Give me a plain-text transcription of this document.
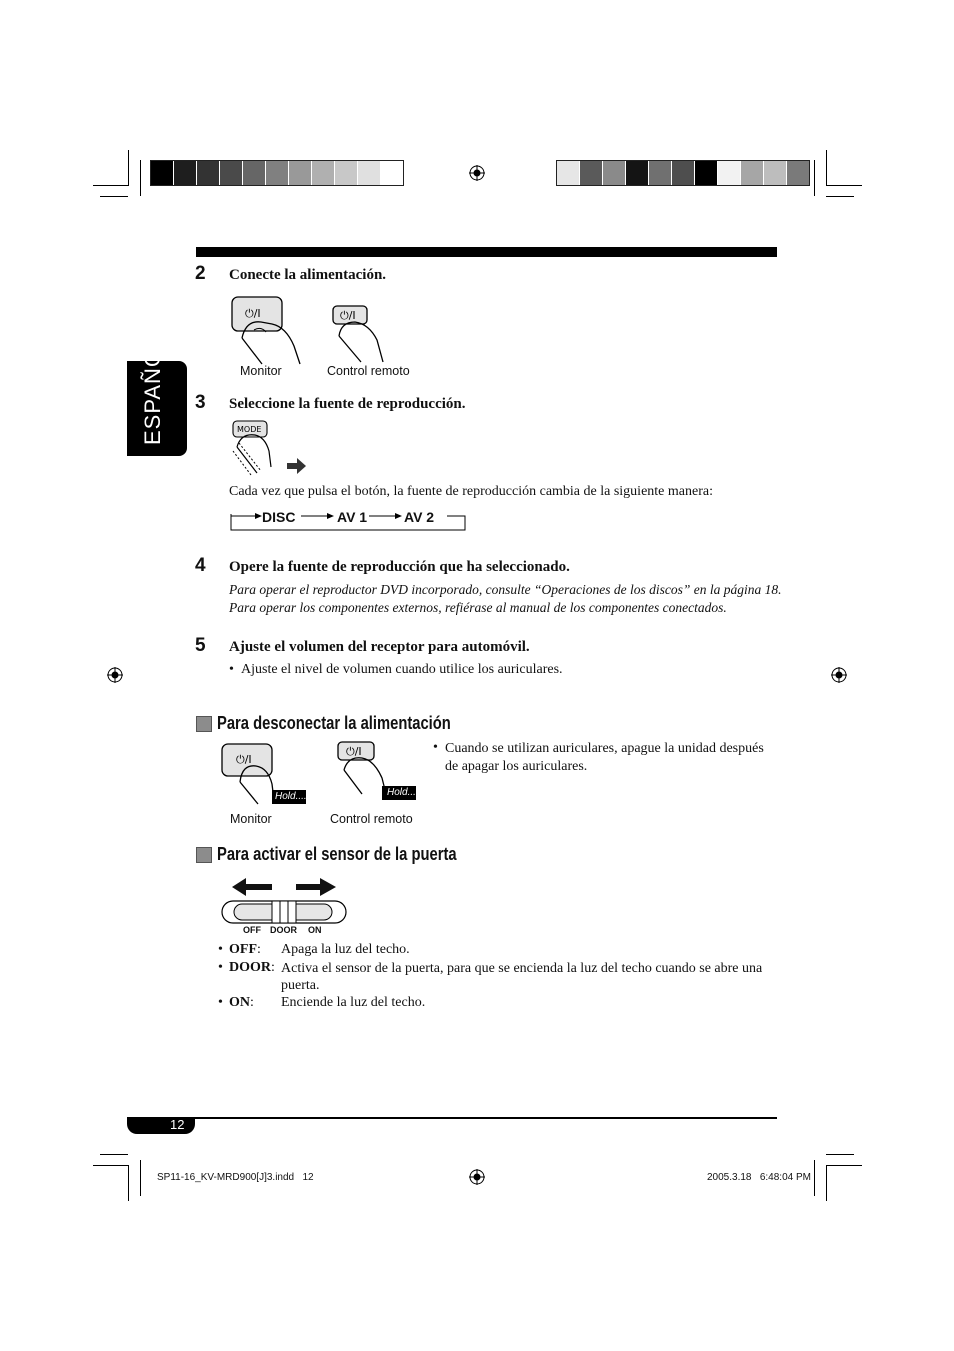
ESPAÑOL
2 Conecte la alimentación.
⏻/I	⏻/I
Monitor	Control remoto
3 Seleccione la fuente de reproducción.
MODE
Cada vez que pulsa el botón, la fuente de reproducción cambia de la siguiente manera:
DISC	AV 1	AV 2
4 Opere la fuente de reproducción que ha seleccionado.
Para operar el reproductor DVD incorporado, consulte “Operaciones de los discos” en la página 18.
Para operar los componentes externos, refiérase al manual de los componentes conectados.
5 Ajuste el volumen del receptor para automóvil.
• Ajuste el nivel de volumen cuando utilice los auriculares.
Para desconectar la alimentación
⏻/I
Hold....
⏻/I
Hold....
Monitor	Control remoto
• Cuando se utilizan auriculares, apague la unidad después de apagar los auriculares.
Para activar el sensor de la puerta
OFF DOOR ON
• OFF: Apaga la luz del techo.
• DOOR: Activa el sensor de la puerta, para que se encienda la luz del techo cuando se abre una puerta.
• ON: Enciende la luz del techo.
12
SP11-16_KV-MRD900[J]3.indd   12	2005.3.18   6:48:04 PM
